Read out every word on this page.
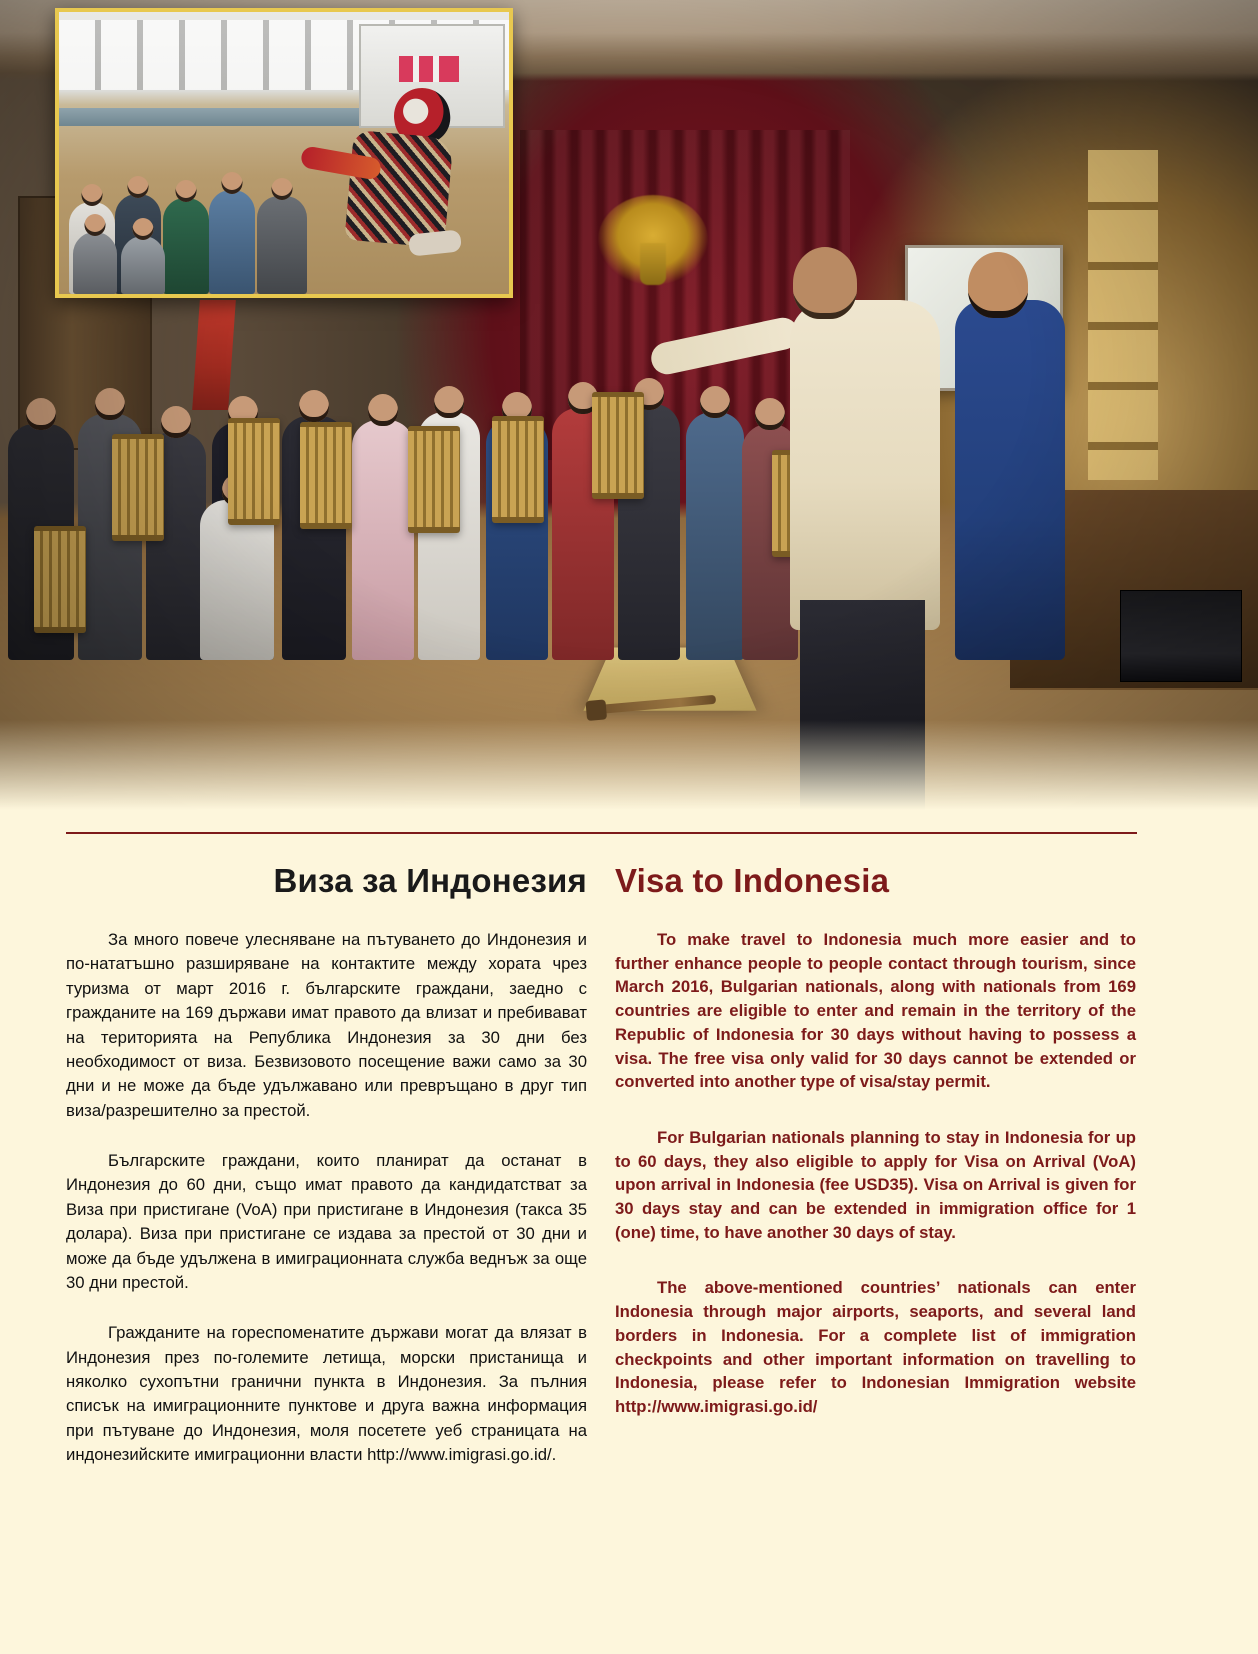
Виза за Индонезия

За много повече улесняване на пътуването до Индонезия и по-нататъшно разширяване на контактите между хората чрез туризма от март 2016 г. българските граждани, заедно с гражданите на 169 държави имат правото да влизат и пребивават на територията на Република Индонезия за 30 дни без необходимост от виза. Безвизовото посещение важи само за 30 дни и не може да бъде удължавано или превръщано в друг тип виза/разрешително за престой.

Българските граждани, които планират да останат в Индонезия до 60 дни, също имат правото да кандидатстват за Виза при пристигане (VoA) при пристигане в Индонезия (такса 35 долара). Виза при пристигане се издава за престой от 30 дни и може да бъде удължена в имиграционната служба веднъж за още 30 дни престой.

Гражданите на горeспоменатите държави могат да влязат в Индонезия през по-големите летища, морски пристанища и няколко сухопътни гранични пункта в Индонезия. За пълния списък на имиграционните пунктове и друга важна информация при пътуване до Индонезия, моля посетете уеб страницата на индонезийските имиграционни власти http://www.imigrasi.go.id/.

Visa to Indonesia

To make travel to Indonesia much more easier and to further enhance people to people contact through tourism, since March 2016, Bulgarian nationals, along with nationals from 169 countries are eligible to enter and remain in the territory of the Republic of Indonesia for 30 days without having to possess a visa. The free visa only valid for 30 days cannot be extended or converted into another type of visa/stay permit.

For Bulgarian nationals planning to stay in Indonesia for up to 60 days, they also eligible to apply for Visa on Arrival (VoA) upon arrival in Indonesia (fee USD35). Visa on Arrival is given for 30 days stay and can be extended in immigration office for 1 (one) time, to have another 30 days of stay.

The above-mentioned countries’ nationals can enter Indonesia through major airports, seaports, and several land borders in Indonesia. For a complete list of immigration checkpoints and other important information on travelling to Indonesia, please refer to Indonesian Immigration website http://www.imigrasi.go.id/
